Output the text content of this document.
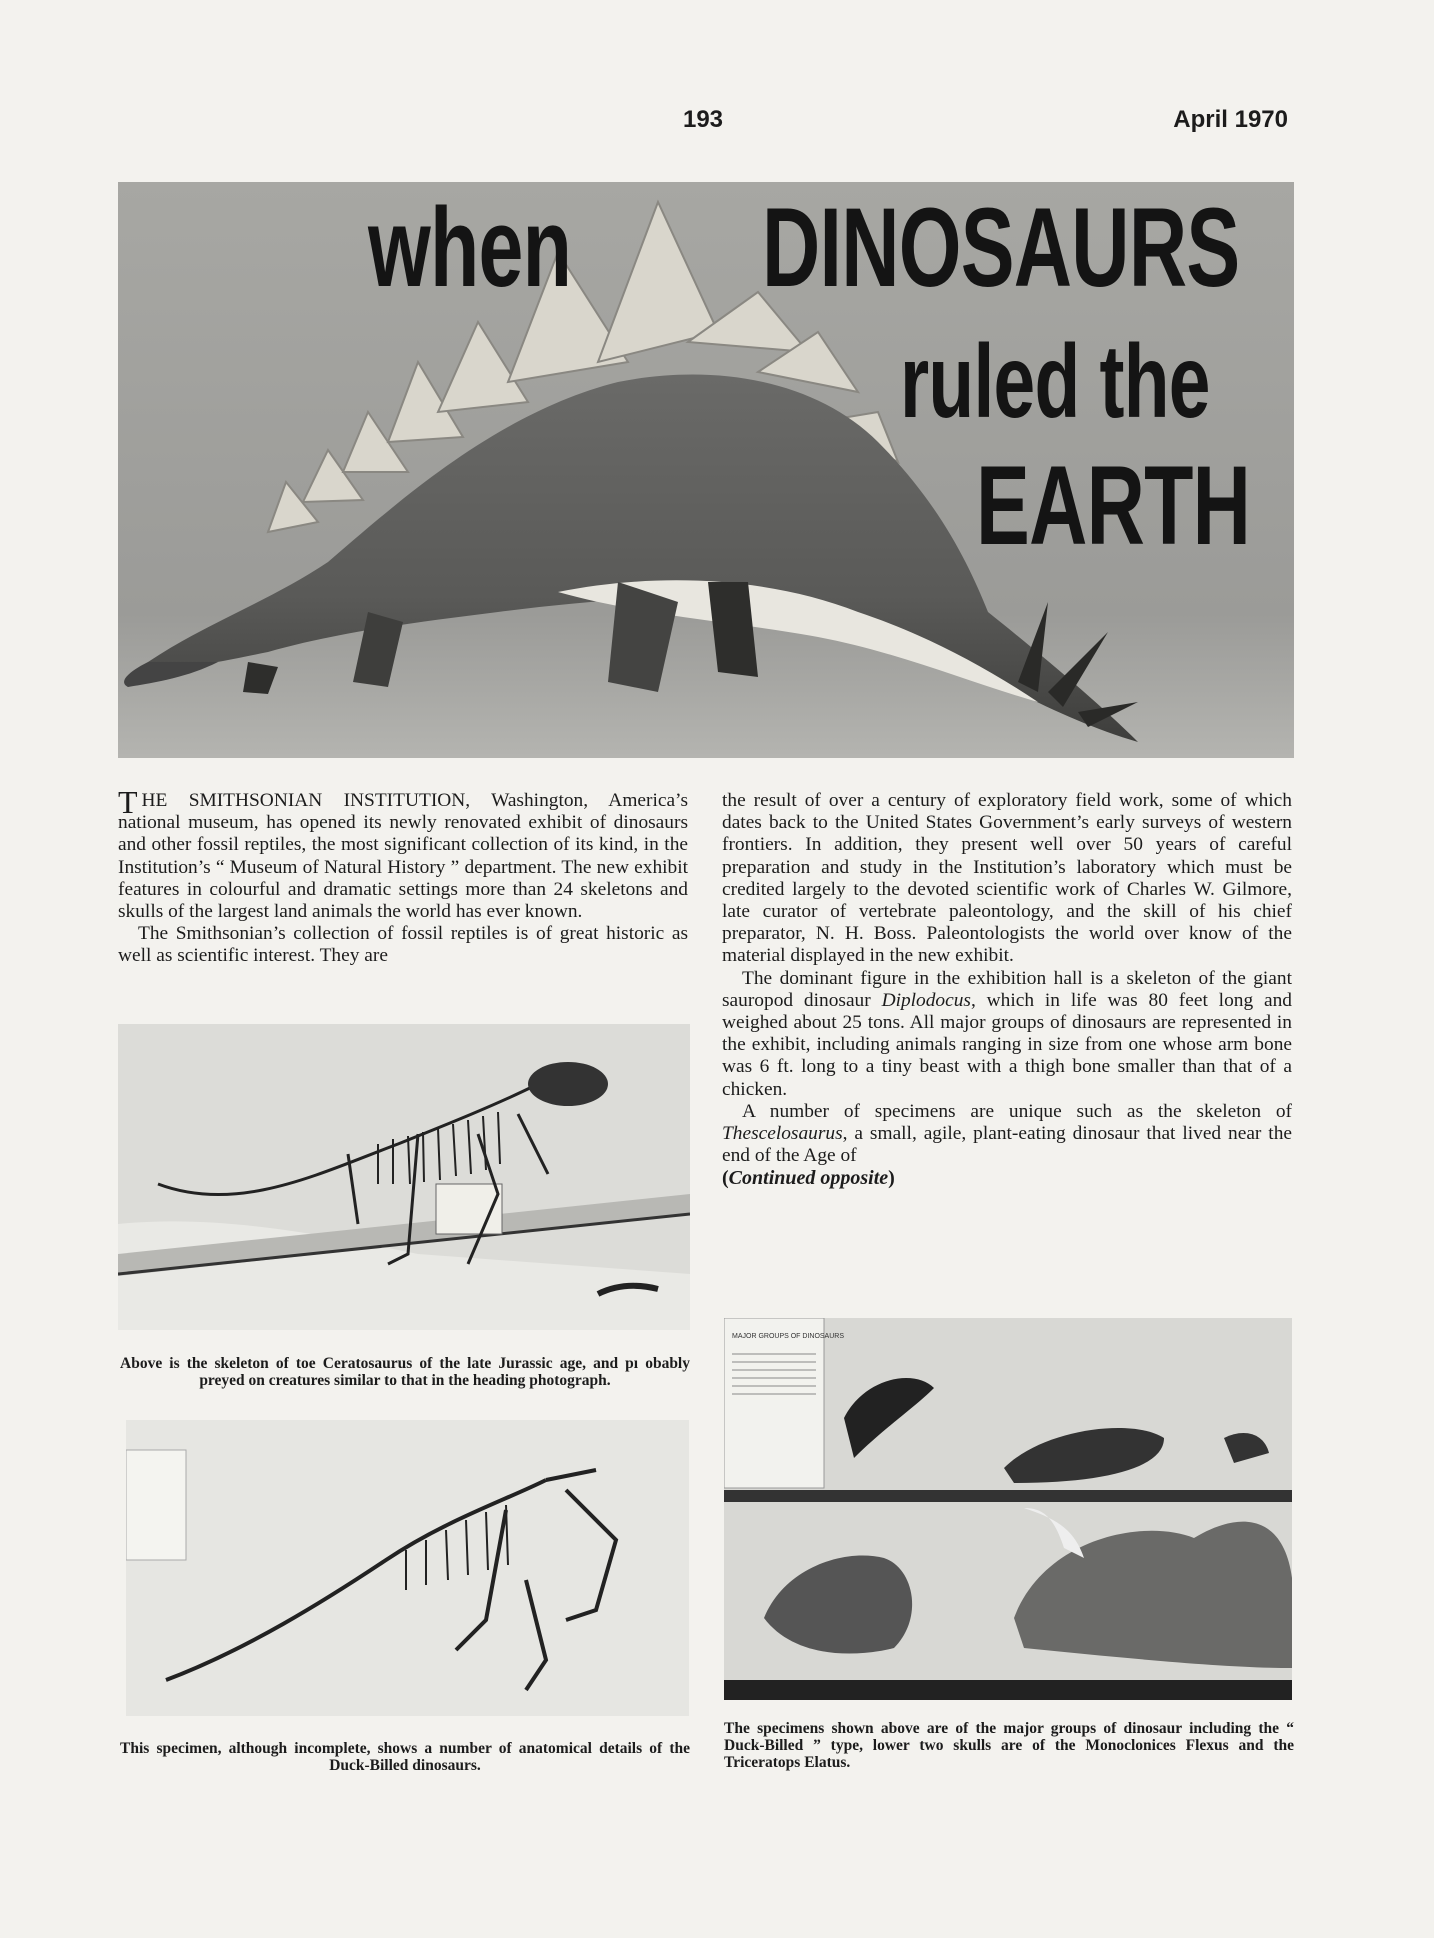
193	April 1970
when DINOSAURS
ruled the
EARTH

THE SMITHSONIAN INSTITUTION, Washington, America’s national museum, has opened its newly renovated exhibit of dinosaurs and other fossil reptiles, the most significant collection of its kind, in the Institution’s “ Museum of Natural History ” department. The new exhibit features in colourful and dramatic settings more than 24 skeletons and skulls of the largest land animals the world has ever known.

The Smithsonian’s collection of fossil reptiles is of great historic as well as scientific interest. They are

the result of over a century of exploratory field work, some of which dates back to the United States Government’s early surveys of western frontiers. In addition, they present well over 50 years of careful preparation and study in the Institution’s laboratory which must be credited largely to the devoted scientific work of Charles W. Gilmore, late curator of vertebrate paleontology, and the skill of his chief preparator, N. H. Boss. Paleontologists the world over know of the material displayed in the new exhibit.

The dominant figure in the exhibition hall is a skeleton of the giant sauropod dinosaur Diplodocus, which in life was 80 feet long and weighed about 25 tons. All major groups of dinosaurs are represented in the exhibit, including animals ranging in size from one whose arm bone was 6 ft. long to a tiny beast with a thigh bone smaller than that of a chicken.

A number of specimens are unique such as the skeleton of Thescelosaurus, a small, agile, plant-eating dinosaur that lived near the end of the Age of

(Continued opposite)

Above is the skeleton of toe Ceratosaurus of the late Jurassic age, and pı obably preyed on creatures similar to that in the heading photograph.
This specimen, although incomplete, shows a number of anatomical details of the Duck-Billed dinosaurs.
MAJOR GROUPS OF DINOSAURS
The specimens shown above are of the major groups of dinosaur including the “ Duck-Billed ” type, lower two skulls are of the Monoclonices Flexus and the Triceratops Elatus.
